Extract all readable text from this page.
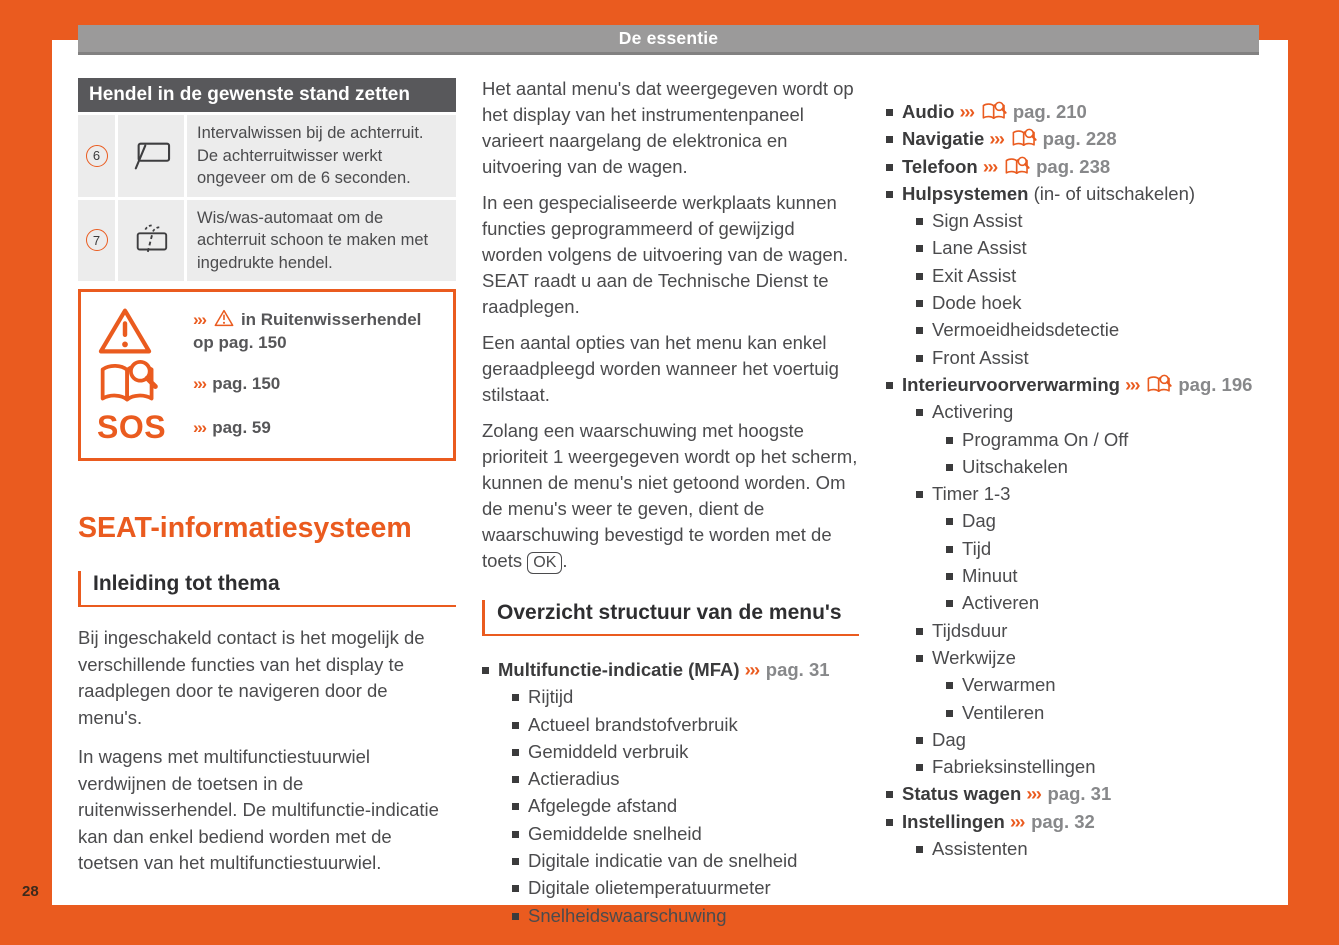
De essentie
Hendel in de gewenste stand zetten
6
Intervalwissen bij de achterruit. De achterruitwisser werkt ongeveer om de 6 seconden.
7
Wis/was-automaat om de achterruit schoon te maken met ingedrukte hendel.
››› in Ruitenwisserhendel op pag. 150
››› pag. 150
SOS ››› pag. 59
SEAT-informatiesysteem
Inleiding tot thema
Bij ingeschakeld contact is het mogelijk de verschillende functies van het display te raadplegen door te navigeren door de menu's.
In wagens met multifunctiestuurwiel verdwijnen de toetsen in de ruitenwisserhendel. De multifunctie-indicatie kan dan enkel bediend worden met de toetsen van het multifunctiestuurwiel.
Het aantal menu's dat weergegeven wordt op het display van het instrumentenpaneel varieert naargelang de elektronica en uitvoering van de wagen.
In een gespecialiseerde werkplaats kunnen functies geprogrammeerd of gewijzigd worden volgens de uitvoering van de wagen. SEAT raadt u aan de Technische Dienst te raadplegen.
Een aantal opties van het menu kan enkel geraadpleegd worden wanneer het voertuig stilstaat.
Zolang een waarschuwing met hoogste prioriteit 1 weergegeven wordt op het scherm, kunnen de menu's niet getoond worden. Om de menu's weer te geven, dient de waarschuwing bevestigd te worden met de toets OK .
Overzicht structuur van de menu's
Multifunctie-indicatie (MFA) ››› pag. 31
Rijtijd
Actueel brandstofverbruik
Gemiddeld verbruik
Actieradius
Afgelegde afstand
Gemiddelde snelheid
Digitale indicatie van de snelheid
Digitale olietemperatuurmeter
Snelheidswaarschuwing
Audio ››› pag. 210
Navigatie ››› pag. 228
Telefoon ››› pag. 238
Hulpsystemen (in- of uitschakelen)
Sign Assist
Lane Assist
Exit Assist
Dode hoek
Vermoeidheidsdetectie
Front Assist
Interieurvoorverwarming ››› pag. 196
Activering
Programma On / Off
Uitschakelen
Timer 1-3
Dag
Tijd
Minuut
Activeren
Tijdsduur
Werkwijze
Verwarmen
Ventileren
Dag
Fabrieksinstellingen
Status wagen ››› pag. 31
Instellingen ››› pag. 32
Assistenten
28
